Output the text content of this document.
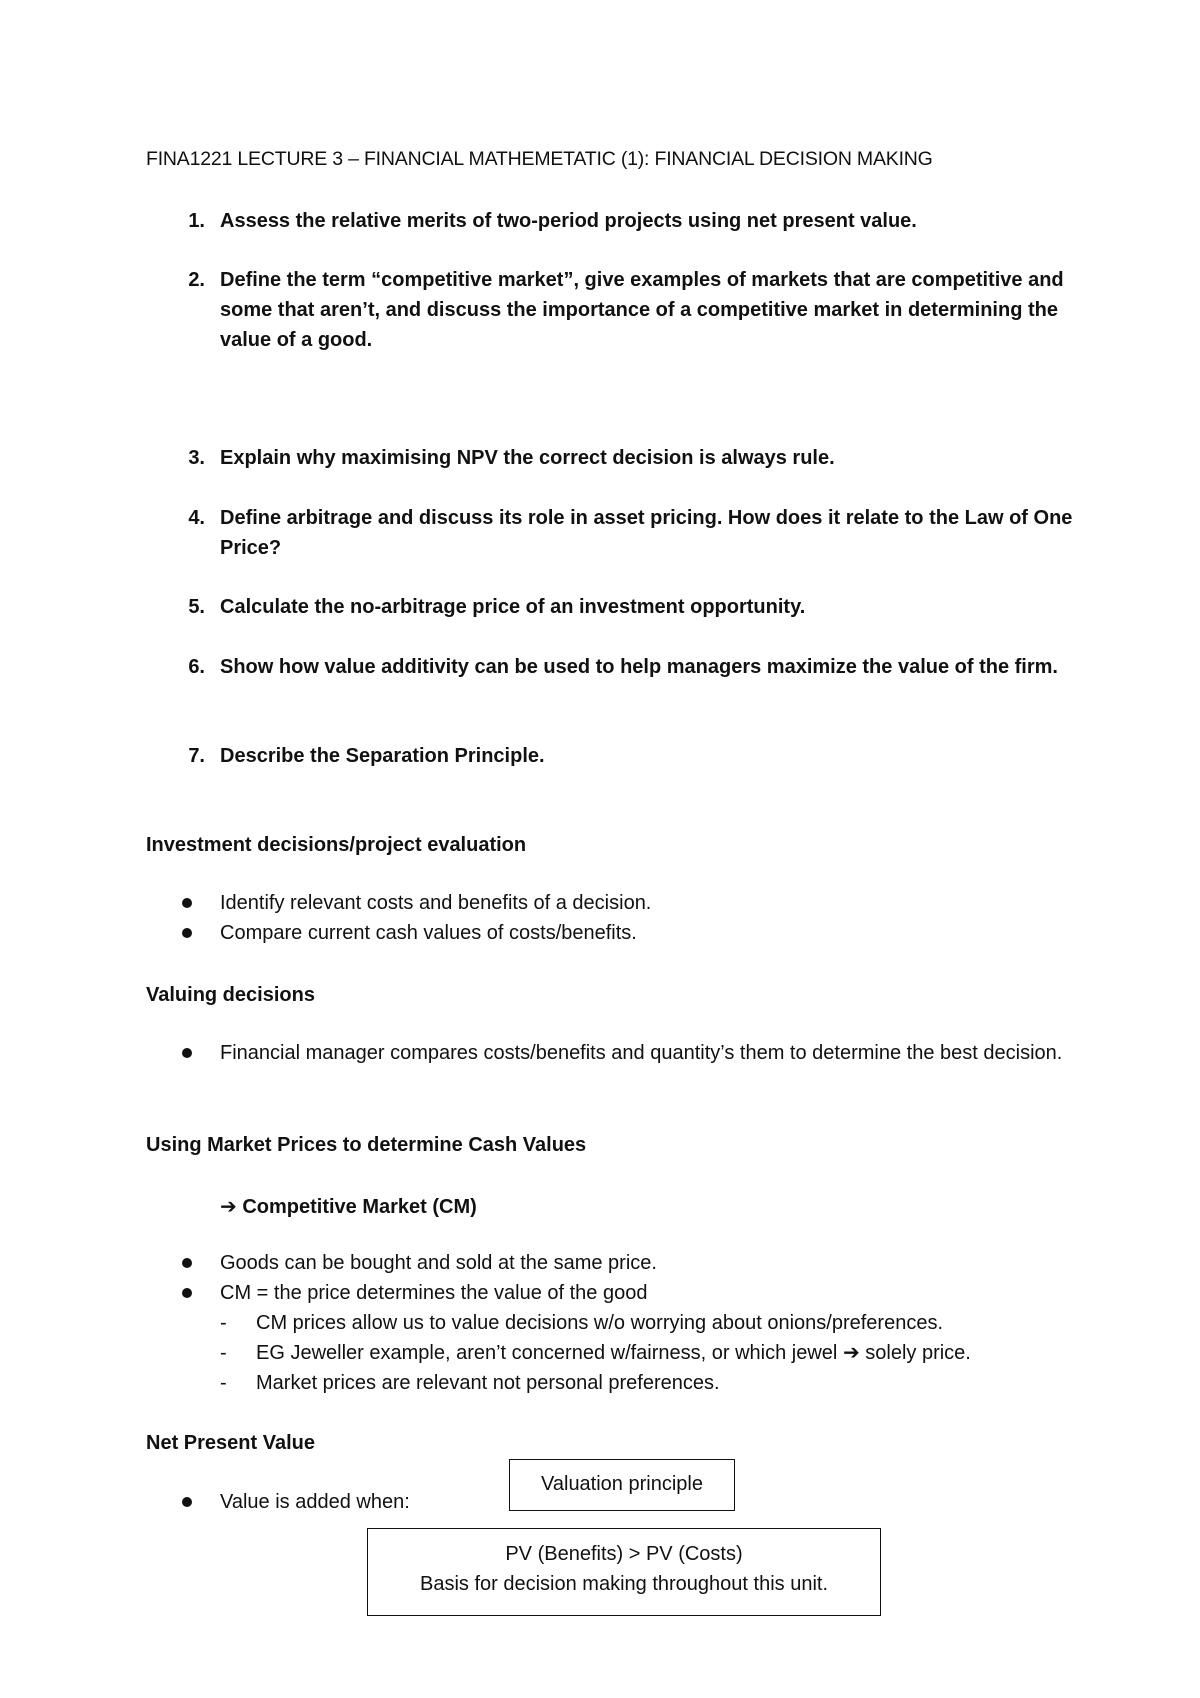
FINA1221 LECTURE 3 – FINANCIAL MATHEMETATIC (1): FINANCIAL DECISION MAKING
1. Assess the relative merits of two-period projects using net present value.
2. Define the term “competitive market”, give examples of markets that are competitive and some that aren’t, and discuss the importance of a competitive market in determining the value of a good.
3. Explain why maximising NPV the correct decision is always rule.
4. Define arbitrage and discuss its role in asset pricing. How does it relate to the Law of One Price?
5. Calculate the no-arbitrage price of an investment opportunity.
6. Show how value additivity can be used to help managers maximize the value of the firm.
7. Describe the Separation Principle.
Investment decisions/project evaluation
Identify relevant costs and benefits of a decision.
Compare current cash values of costs/benefits.
Valuing decisions
Financial manager compares costs/benefits and quantity’s them to determine the best decision.
Using Market Prices to determine Cash Values
➔ Competitive Market (CM)
Goods can be bought and sold at the same price.
CM = the price determines the value of the good
- CM prices allow us to value decisions w/o worrying about onions/preferences.
- EG Jeweller example, aren’t concerned w/fairness, or which jewel ➔ solely price.
- Market prices are relevant not personal preferences.
Net Present Value
Value is added when:
Valuation principle
PV (Benefits) > PV (Costs)
Basis for decision making throughout this unit.
